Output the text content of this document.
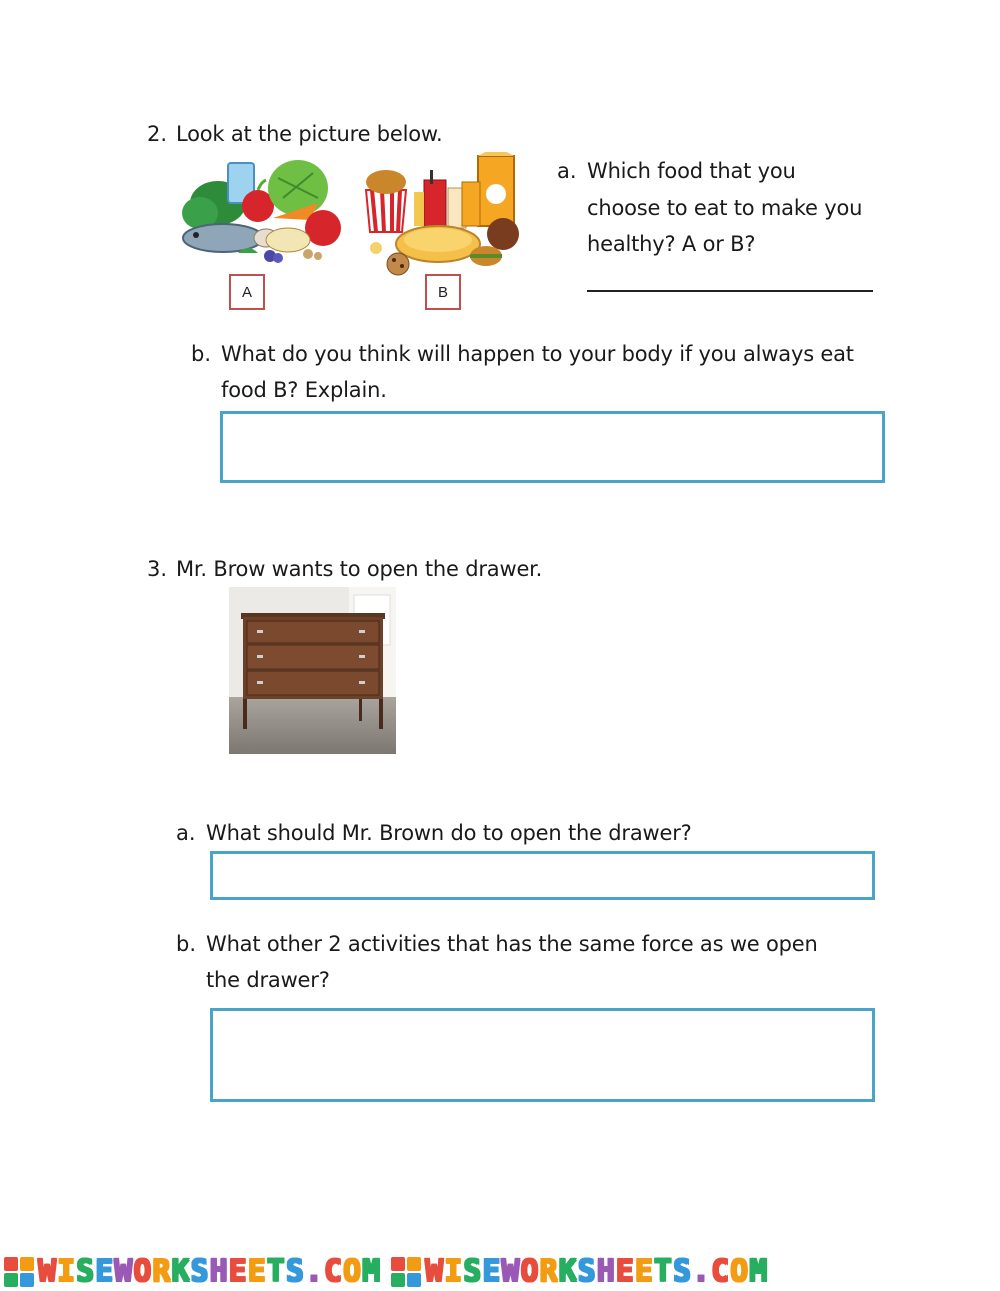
2. Look at the picture below.
A	B
a. Which food that you
choose to eat to make you
healthy? A or B?
b. What do you think will happen to your body if you always eat
food B? Explain.
3. Mr. Brow wants to open the drawer.
a. What should Mr. Brown do to open the drawer?
b. What other 2 activities that has the same force as we open
the drawer?
WISEWORKSHEETS.COM WISEWORKSHEETS.COM
